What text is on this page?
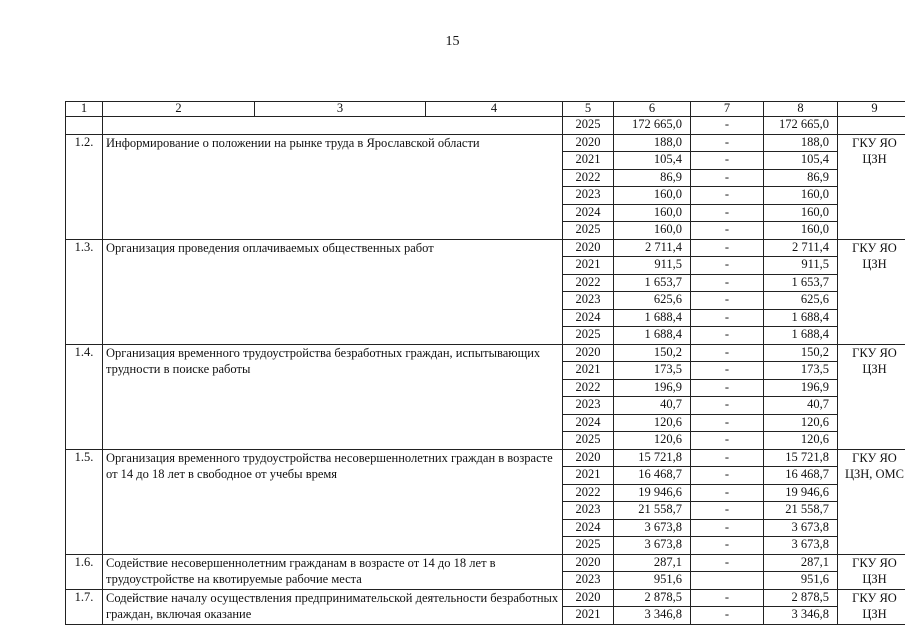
15
1	2	3	4	5	6	7	8	9
				2025	172 665,0	-	172 665,0	
1.2.	Информирование о положении на рынке труда в Ярославской области			2020	188,0	-	188,0	ГКУ ЯО ЦЗН
				2021	105,4	-	105,4	
				2022	86,9	-	86,9	
				2023	160,0	-	160,0	
				2024	160,0	-	160,0	
				2025	160,0	-	160,0	
1.3.	Организация проведения оплачиваемых общественных работ			2020	2 711,4	-	2 711,4	ГКУ ЯО ЦЗН
				2021	911,5	-	911,5	
				2022	1 653,7	-	1 653,7	
				2023	625,6	-	625,6	
				2024	1 688,4	-	1 688,4	
				2025	1 688,4	-	1 688,4	
1.4.	Организация временного трудоустройства безработных граждан, испытывающих трудности в поиске работы			2020	150,2	-	150,2	ГКУ ЯО ЦЗН
				2021	173,5	-	173,5	
				2022	196,9	-	196,9	
				2023	40,7	-	40,7	
				2024	120,6	-	120,6	
				2025	120,6	-	120,6	
1.5.	Организация временного трудоустройства несовершеннолетних граждан в возрасте от 14 до 18 лет в свободное от учебы время			2020	15 721,8	-	15 721,8	ГКУ ЯО ЦЗН, ОМС
				2021	16 468,7	-	16 468,7	
				2022	19 946,6	-	19 946,6	
				2023	21 558,7	-	21 558,7	
				2024	3 673,8	-	3 673,8	
				2025	3 673,8	-	3 673,8	
1.6.	Содействие несовершеннолетним гражданам в возрасте от 14 до 18 лет в трудоустройстве на квотируемые рабочие места			2020	287,1	-	287,1	ГКУ ЯО ЦЗН
				2023	951,6		951,6	
1.7.	Содействие началу осуществления предпринимательской деятельности безработных граждан, включая оказание			2020	2 878,5	-	2 878,5	ГКУ ЯО ЦЗН
				2021	3 346,8	-	3 346,8	
